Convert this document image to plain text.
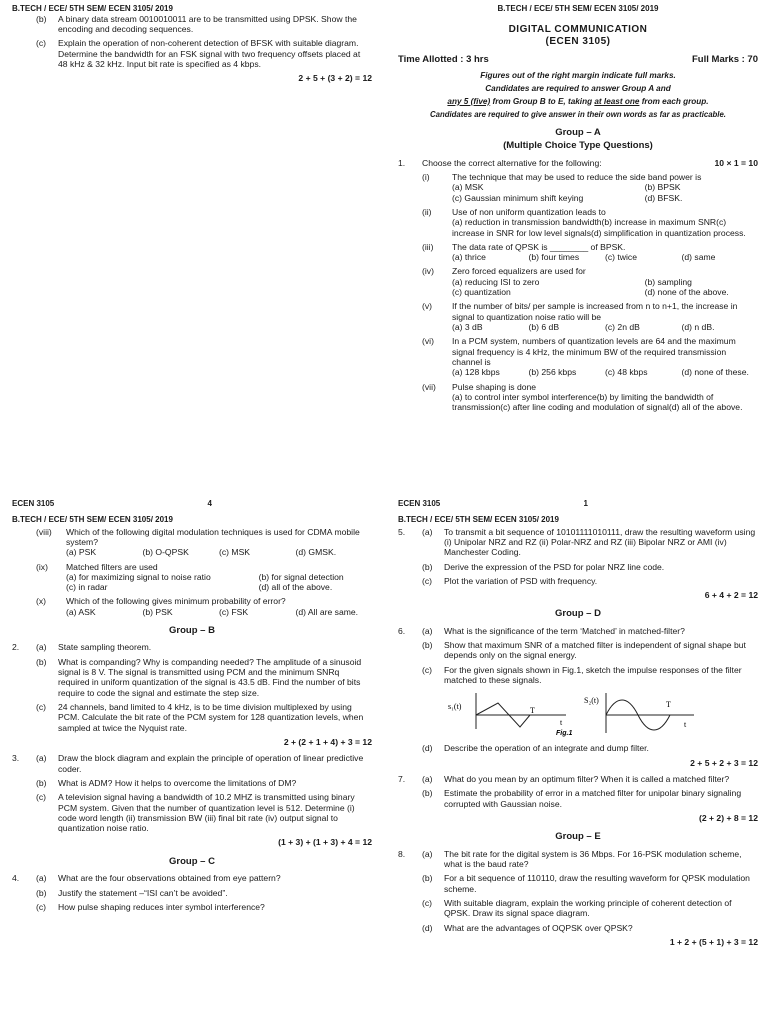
B.TECH / ECE/ 5TH SEM/ ECEN 3105/ 2019
(b)	A binary data stream 0010010011 are to be transmitted using DPSK. Show the encoding and decoding sequences.
(c)	Explain the operation of non-coherent detection of BFSK with suitable diagram. Determine the bandwidth for an FSK signal with two frequency offsets placed at 48 kHz & 32 kHz. Input bit rate is specified as 4 kbps.
2 + 5 + (3 + 2) = 12
ECEN 3105	4
B.TECH / ECE/ 5TH SEM/ ECEN 3105/ 2019
DIGITAL COMMUNICATION
(ECEN 3105)
Time Allotted : 3 hrs	Full Marks : 70
Figures out of the right margin indicate full marks.
Candidates are required to answer Group A and
any 5 (five) from Group B to E, taking at least one from each group.
Candidates are required to give answer in their own words as far as practicable.
Group – A
(Multiple Choice Type Questions)
1.	Choose the correct alternative for the following:	10 × 1 = 10
(i)	The technique that may be used to reduce the side band power is
(a) MSK	(b) BPSK
(c) Gaussian minimum shift keying	(d) BFSK.
(ii)	Use of non uniform quantization leads to
(a) reduction in transmission bandwidth(b) increase in maximum SNR(c) increase in SNR for low level signals(d) simplification in quantization process.
(iii)	The data rate of QPSK is ________ of BPSK.
(a) thrice	(b) four times	(c) twice	(d) same
(iv)	Zero forced equalizers are used for
(a) reducing ISI to zero	(b) sampling
(c) quantization	(d) none of the above.
(v)	If the number of bits/ per sample is increased from n to n+1, the increase in signal to quantization noise ratio will be
(a) 3 dB	(b) 6 dB	(c) 2n dB	(d) n dB.
(vi)	In a PCM system, numbers of quantization levels are 64 and the maximum signal frequency is 4 kHz, the minimum BW of the required transmission channel is
(a) 128 kbps	(b) 256 kbps	(c) 48 kbps	(d) none of these.
(vii)	Pulse shaping is done
(a) to control inter symbol interference(b) by limiting the bandwidth of transmission(c) after line coding and modulation of signal(d) all of the above.
ECEN 3105	1
B.TECH / ECE/ 5TH SEM/ ECEN 3105/ 2019
(viii)	Which of the following digital modulation techniques is used for CDMA mobile system?
(a) PSK	(b) O-QPSK	(c) MSK	(d) GMSK.
(ix)	Matched filters are used
(a) for maximizing signal to noise ratio	(b) for signal detection
(c) in radar	(d) all of the above.
(x)	Which of the following gives minimum probability of error?
(a) ASK	(b) PSK	(c) FSK	(d) All are same.
Group – B
2.	(a)	State sampling theorem.
(b)	What is companding? Why is companding needed? The amplitude of a sinusoid signal is 8 V. The signal is transmitted using PCM and the minimum SNRq required in uniform quantization of the signal is 43.5 dB. Find the number of bits require to code the signal and estimate the step size.
(c)	24 channels, band limited to 4 kHz, is to be time division multiplexed by using PCM. Calculate the bit rate of the PCM system for 128 quantization levels, when sampled at twice the Nyquist rate.
2 + (2 + 1 + 4) + 3 = 12
3.	(a)	Draw the block diagram and explain the principle of operation of linear predictive coder.
(b)	What is ADM? How it helps to overcome the limitations of DM?
(c)	A television signal having a bandwidth of 10.2 MHZ is transmitted using binary PCM system. Given that the number of quantization level is 512. Determine (i) code word length (ii) transmission BW (iii) final bit rate (iv) output signal to quantization noise ratio.
(1 + 3) + (1 + 3) + 4 = 12
Group – C
4.	(a)	What are the four observations obtained from eye pattern?
(b)	Justify the statement –“ISI can’t be avoided”.
(c)	How pulse shaping reduces inter symbol interference?
B.TECH / ECE/ 5TH SEM/ ECEN 3105/ 2019
5.	(a)	To transmit a bit sequence of 10101111010111, draw the resulting waveform using (i) Unipolar NRZ and RZ (ii) Polar-NRZ and RZ (iii) Bipolar NRZ or AMI (iv) Manchester Coding.
(b)	Derive the expression of the PSD for polar NRZ line code.
(c)	Plot the variation of PSD with frequency.
6 + 4 + 2 = 12
Group – D
6.	(a)	What is the significance of the term ‘Matched’ in matched-filter?
(b)	Show that maximum SNR of a matched filter is independent of signal shape but depends only on the signal energy.
(c)	For the given signals shown in Fig.1, sketch the impulse responses of the filter matched to these signals.
s₁(t)	T
t
S₂(t)	T
t
Fig.1
(d)	Describe the operation of an integrate and dump filter.
2 + 5 + 2 + 3 = 12
7.	(a)	What do you mean by an optimum filter? When it is called a matched filter?
(b)	Estimate the probability of error in a matched filter for unipolar binary signaling corrupted with Gaussian noise.
(2 + 2) + 8 = 12
Group – E
8.	(a)	The bit rate for the digital system is 36 Mbps. For 16-PSK modulation scheme, what is the baud rate?
(b)	For a bit sequence of 110110, draw the resulting waveform for QPSK modulation scheme.
(c)	With suitable diagram, explain the working principle of coherent detection of QPSK. Draw its signal space diagram.
(d)	What are the advantages of OQPSK over QPSK?
1 + 2 + (5 + 1) + 3 = 12
